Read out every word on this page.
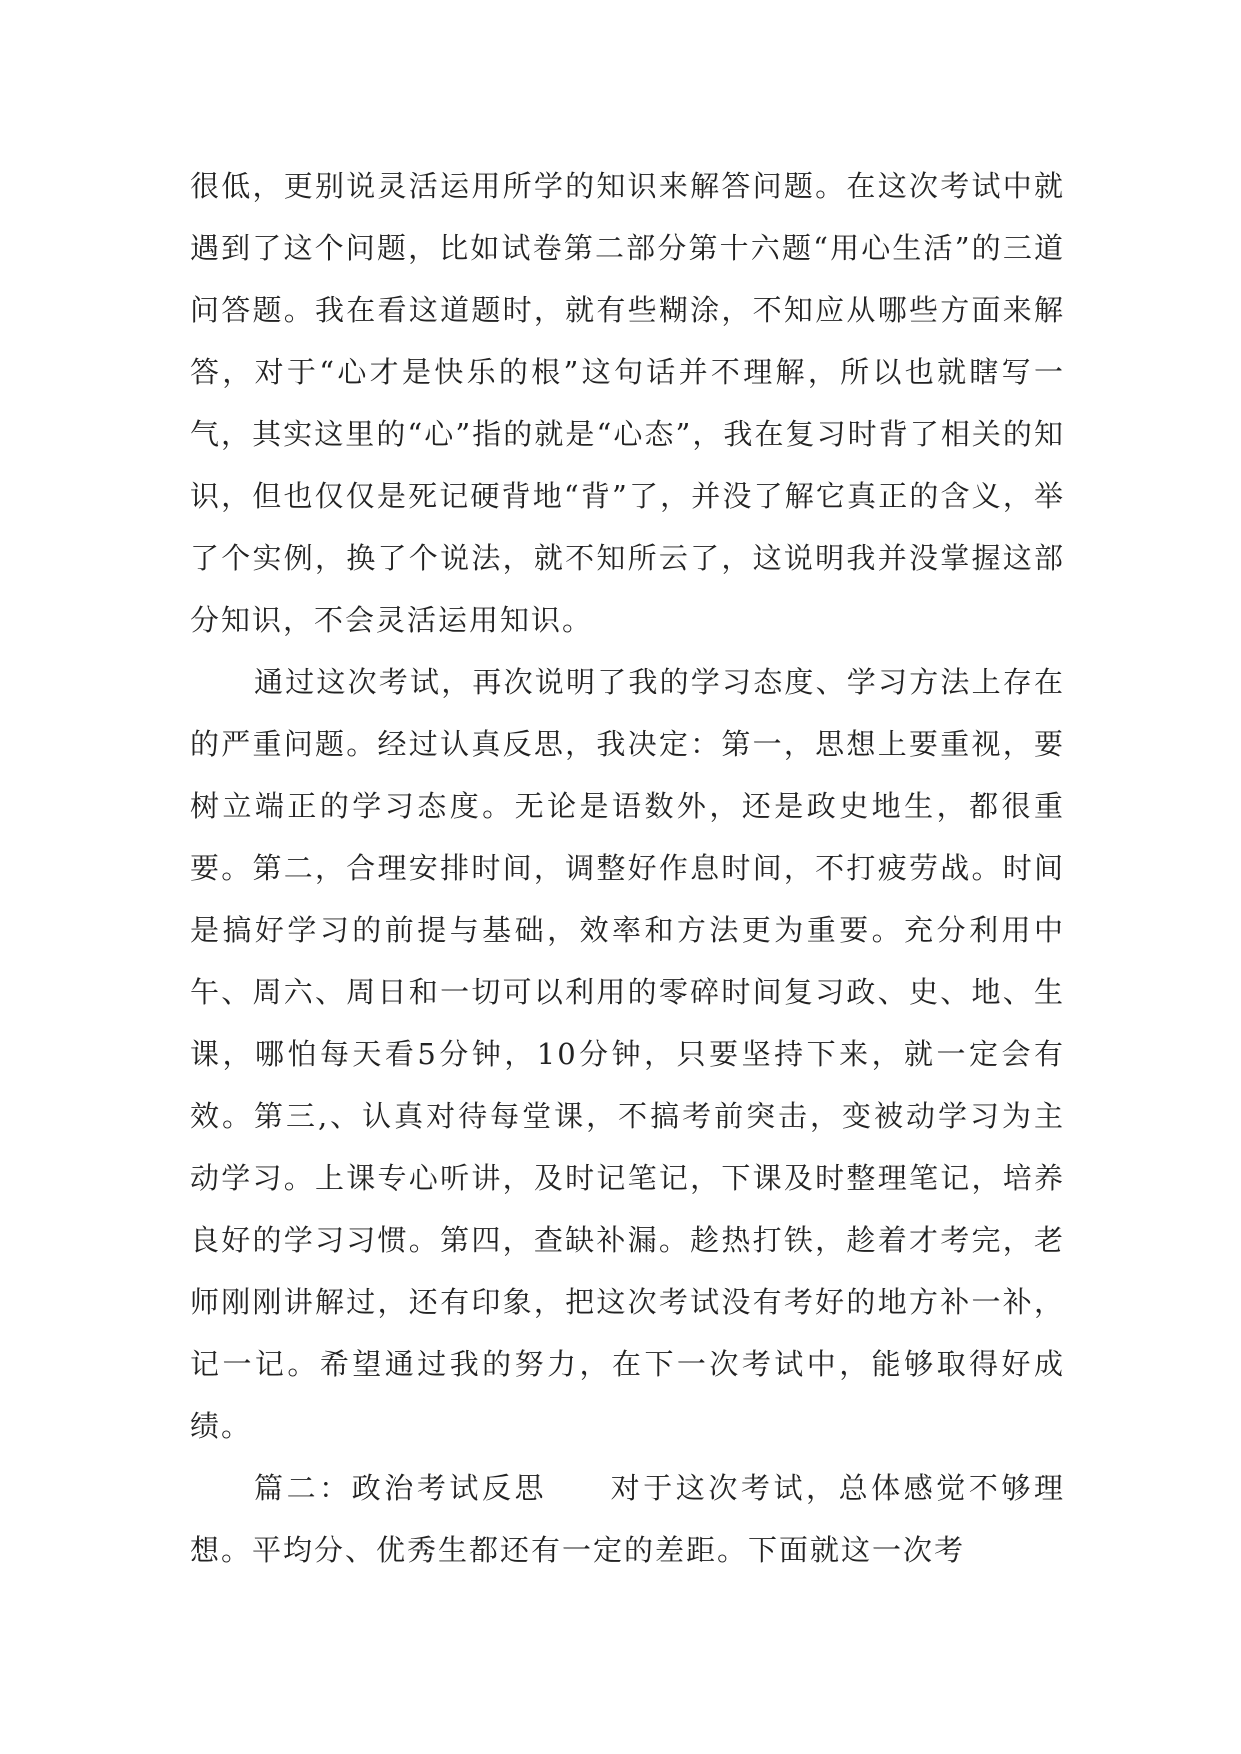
很低，更别说灵活运用所学的知识来解答问题。在这次考试中就遇到了这个问题，比如试卷第二部分第十六题“用心生活”的三道问答题。我在看这道题时，就有些糊涂，不知应从哪些方面来解答，对于“心才是快乐的根”这句话并不理解，所以也就瞎写一气，其实这里的“心”指的就是“心态”，我在复习时背了相关的知识，但也仅仅是死记硬背地“背”了，并没了解它真正的含义，举了个实例，换了个说法，就不知所云了，这说明我并没掌握这部分知识，不会灵活运用知识。

通过这次考试，再次说明了我的学习态度、学习方法上存在的严重问题。经过认真反思，我决定：第一，思想上要重视，要树立端正的学习态度。无论是语数外，还是政史地生，都很重要。第二，合理安排时间，调整好作息时间，不打疲劳战。时间是搞好学习的前提与基础，效率和方法更为重要。充分利用中午、周六、周日和一切可以利用的零碎时间复习政、史、地、生课，哪怕每天看5分钟，10分钟，只要坚持下来，就一定会有效。第三,、认真对待每堂课，不搞考前突击，变被动学习为主动学习。上课专心听讲，及时记笔记，下课及时整理笔记，培养良好的学习习惯。第四，查缺补漏。趁热打铁，趁着才考完，老师刚刚讲解过，还有印象，把这次考试没有考好的地方补一补，记一记。希望通过我的努力，在下一次考试中，能够取得好成绩。

篇二：政治考试反思 对于这次考试，总体感觉不够理想。平均分、优秀生都还有一定的差距。下面就这一次考
